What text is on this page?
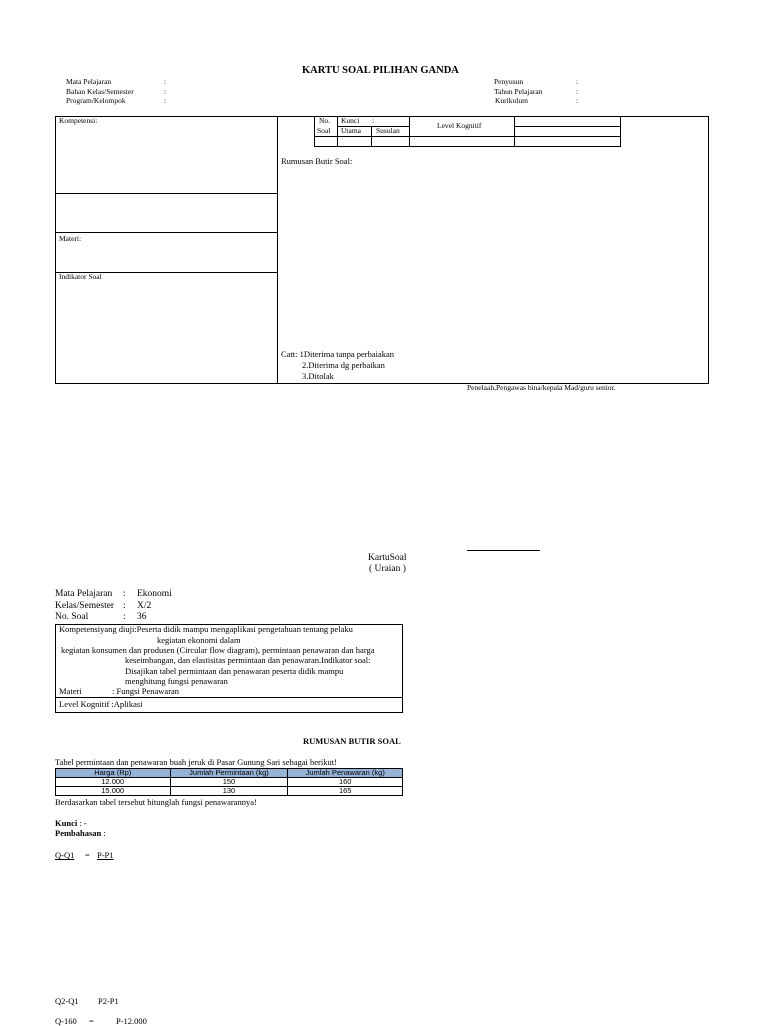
KARTU SOAL PILIHAN GANDA
Mata Pelajaran	:
Bahan Kelas/Semester	:
Program/Kelompok	:
Penyusun	:
Tahun Pelajaran	:
Kurikulum	:
Kompetensi:
Materi:
Indikator Soal
No.
Soal
Kunci :
Utama Susulan
Level Kognitif
Rumusan Butir Soal:
Catt: 1Diterima tanpa perbaiakan
2.Diterima dg perbaikan
3.Ditolak
Penelaah,Pengawas bina/kepala Mad/guru senior.
KartuSoal
( Uraian )
Mata Pelajaran : Ekonomi
Kelas/Semester : X/2
No. Soal	: 36
Kompetensiyang diuji:Peserta didik mampu mengaplikasi pengetahuan tentang pelaku
kegiatan ekonomi dalam
kegiatan konsumen dan produsen (Circular flow diagram), permintaan penawaran dan harga
keseimbangan, dan elastisitas permintaan dan penawaran.Indikator soal:
Disajikan tabel permintaan dan penawaran peserta didik mampu
menghitung fungsi penawaran
Materi	: Fungsi Penawaran
Level Kognitif :Aplikasi
RUMUSAN BUTIR SOAL
Tabel permintaan dan penawaran buah jeruk di Pasar Gunung Sari sebagai berikut!
Harga (Rp)	Jumlah Permintaan (kg)	Jumlah Penawaran (kg)
12.000	150	160
15.000	130	165
Berdasarkan tabel tersebut hitunglah fungsi penawarannya!
Kunci : -
Pembahasan :
Q-Q1 = P-P1
Q2-Q1 P2-P1
Q-160 =	P-12.000
